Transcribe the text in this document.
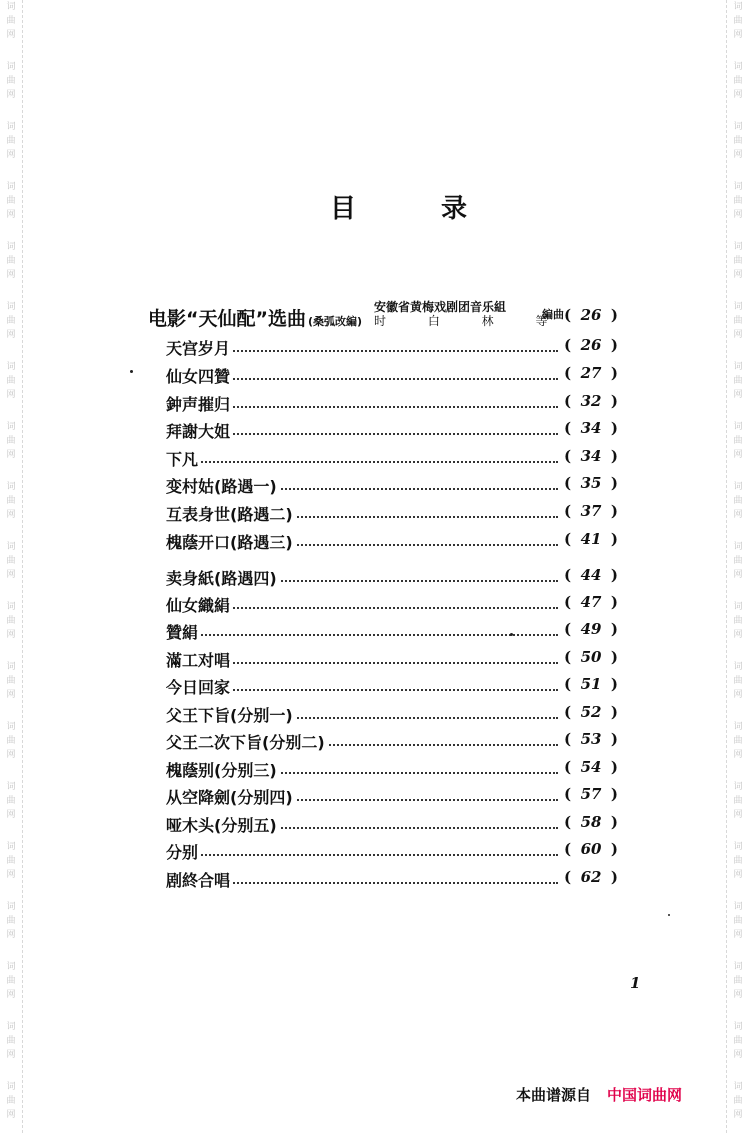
词
曲
网
词
曲
网
词
曲
网
词
曲
网
词
曲
网
词
曲
网
词
曲
网
词
曲
网
词
曲
网
词
曲
网
词
曲
网
词
曲
网
词
曲
网
词
曲
网
词
曲
网
词
曲
网
词
曲
网
词
曲
网
词
曲
网
词
曲
网
词
曲
网
词
曲
网
词
曲
网
词
曲
网
词
曲
网
词
曲
网
词
曲
网
词
曲
网
词
曲
网
词
曲
网
词
曲
网
词
曲
网
词
曲
网
词
曲
网
词
曲
网
词
曲
网
词
曲
网
词
曲
网
目 录
电影“天仙配”选曲 (桑弧改編)
安徽省黄梅戏剧团音乐組
时 白 林 等
編曲 ( 26 )
天宫岁月	( 26 )
仙女四贊	( 27 )
鈡声摧归	( 32 )
拜謝大姐	( 34 )
下凡	( 34 )
变村姑(路遇一)	( 35 )
互表身世(路遇二)	( 37 )
槐蔭开口(路遇三)	( 41 )
卖身紙(路遇四)	( 44 )
仙女織絹	( 47 )
贊絹	( 49 )
滿工对唱	( 50 )
今日回家	( 51 )
父王下旨(分别一)	( 52 )
父王二次下旨(分别二)	( 53 )
槐蔭别(分别三)	( 54 )
从空降劍(分别四)	( 57 )
哑木头(分别五)	( 58 )
分别	( 60 )
剧終合唱	( 62 )
1
本曲谱源自 中国词曲网
